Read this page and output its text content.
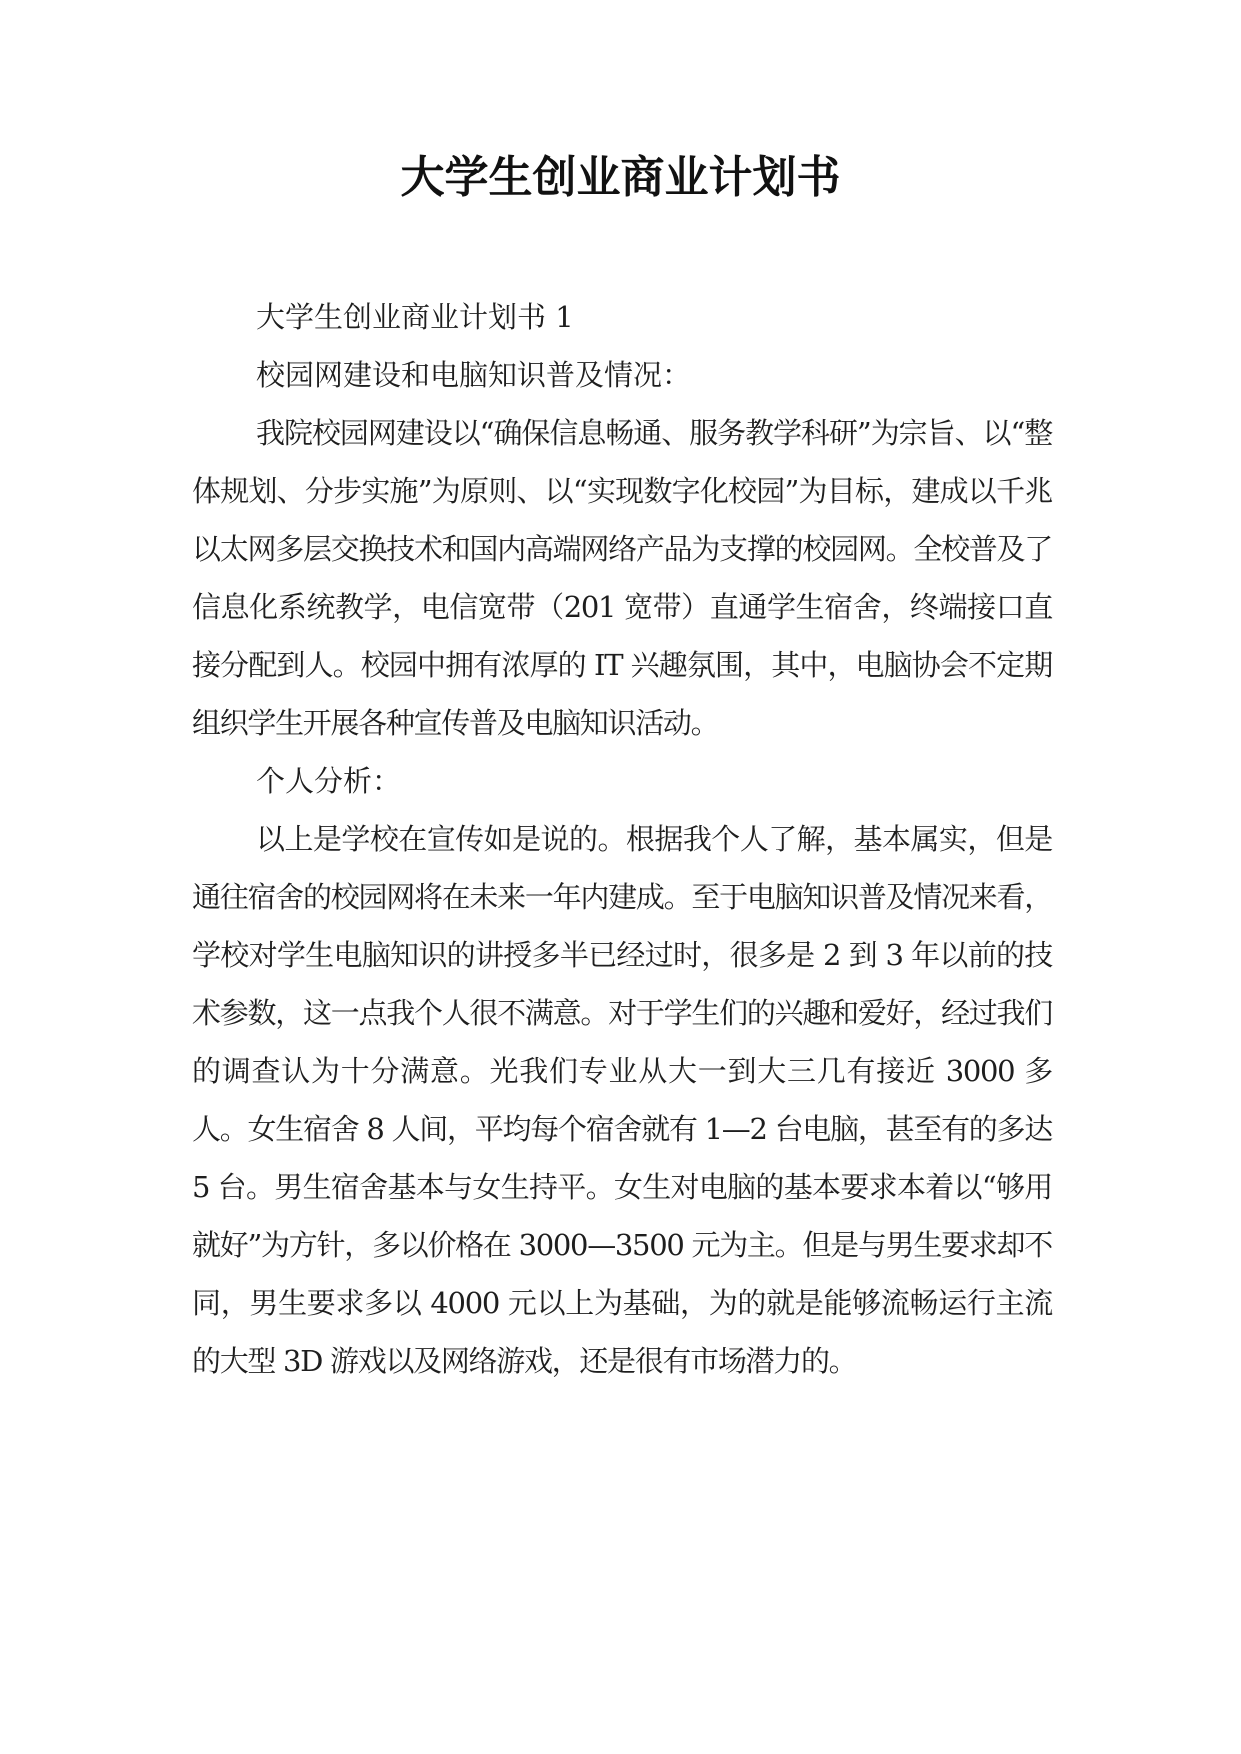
大学生创业商业计划书

大学生创业商业计划书 1

校园网建设和电脑知识普及情况：

我院校园网建设以“确保信息畅通、服务教学科研”为宗旨、以“整体规划、分步实施”为原则、以“实现数字化校园”为目标，建成以千兆以太网多层交换技术和国内高端网络产品为支撑的校园网。全校普及了信息化系统教学，电信宽带（201 宽带）直通学生宿舍，终端接口直接分配到人。校园中拥有浓厚的 IT 兴趣氛围，其中，电脑协会不定期组织学生开展各种宣传普及电脑知识活动。

个人分析：

以上是学校在宣传如是说的。根据我个人了解，基本属实，但是通往宿舍的校园网将在未来一年内建成。至于电脑知识普及情况来看，学校对学生电脑知识的讲授多半已经过时，很多是 2 到 3 年以前的技术参数，这一点我个人很不满意。对于学生们的兴趣和爱好，经过我们的调查认为十分满意。光我们专业从大一到大三几有接近 3000 多人。女生宿舍 8 人间，平均每个宿舍就有 1—2 台电脑，甚至有的多达 5 台。男生宿舍基本与女生持平。女生对电脑的基本要求本着以“够用就好”为方针，多以价格在 3000—3500 元为主。但是与男生要求却不同，男生要求多以 4000 元以上为基础，为的就是能够流畅运行主流的大型 3D 游戏以及网络游戏，还是很有市场潜力的。
